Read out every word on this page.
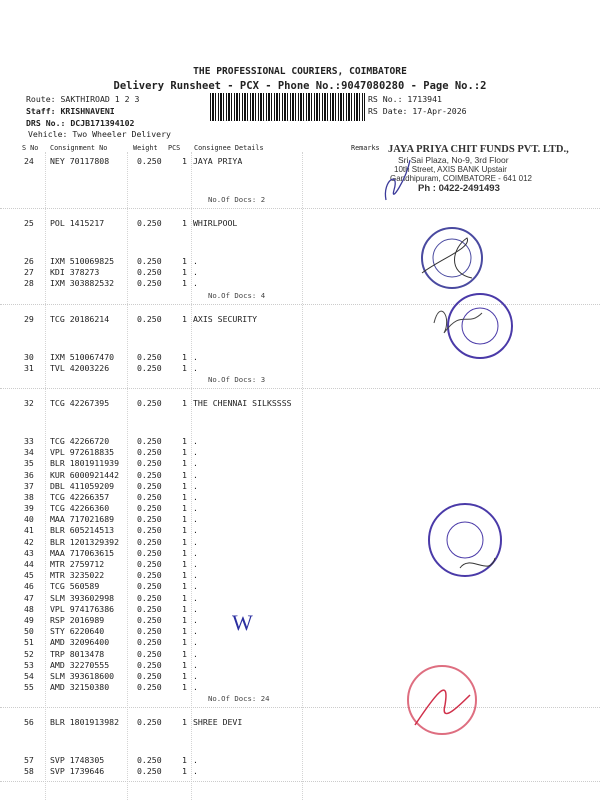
THE PROFESSIONAL COURIERS, COIMBATORE
Delivery Runsheet - PCX - Phone No.:9047080280 - Page No.:2
Route: SAKTHIROAD 1 2 3
Staff: KRISHNAVENI
DRS No.: DCJB171394102
Vehicle: Two Wheeler Delivery
RS No.: 1713941
RS Date: 17-Apr-2026
S No Consignment No	Weight PCS Consignee Details	Remarks
24 NEY 70117808	0.250 1 JAYA PRIYA
No.Of Docs: 2
25 POL 1415217	0.250 1 WHIRLPOOL
26 IXM 510069825	0.250 1 .
27 KDI 378273	0.250 1 .
28 IXM 303882532	0.250 1 .
No.Of Docs: 4
29 TCG 20186214	0.250 1 AXIS SECURITY
30 IXM 510067470	0.250 1 .
31 TVL 42003226	0.250 1 .
No.Of Docs: 3
32 TCG 42267395	0.250 1 THE CHENNAI SILKSSSS
33 TCG 42266720	0.250 1 .
34 VPL 972618835	0.250 1 .
35 BLR 1801911939 0.250 1 .
36 KUR 6000921442 0.250 1 .
37 DBL 411059209	0.250 1 .
38 TCG 42266357	0.250 1 .
39 TCG 42266360	0.250 1 .
40 MAA 717021689	0.250 1 .
41 BLR 605214513	0.250 1 .
42 BLR 1201329392 0.250 1 .
43 MAA 717063615	0.250 1 .
44 MTR 2759712	0.250 1 .
45 MTR 3235022	0.250 1 .
46 TCG 560589	0.250 1 .
47 SLM 393602998	0.250 1 .
48 VPL 974176386	0.250 1 .
49 RSP 2016989	0.250 1 .
50 STY 6220640	0.250 1 .
51 AMD 32096400	0.250 1 .
52 TRP 8013478	0.250 1 .
53 AMD 32270555	0.250 1 .
54 SLM 393618600	0.250 1 .
55 AMD 32150380	0.250 1 .
No.Of Docs: 24
56 BLR 1801913982 0.250 1 SHREE DEVI
57 SVP 1748305	0.250 1 .
58 SVP 1739646	0.250 1 .
JAYA PRIYA CHIT FUNDS PVT. LTD.,
Sri Sai Plaza, No-9, 3rd Floor
10th Street, AXIS BANK Upstair
Gandhipuram, COIMBATORE - 641 012
Ph : 0422-2491493
W
